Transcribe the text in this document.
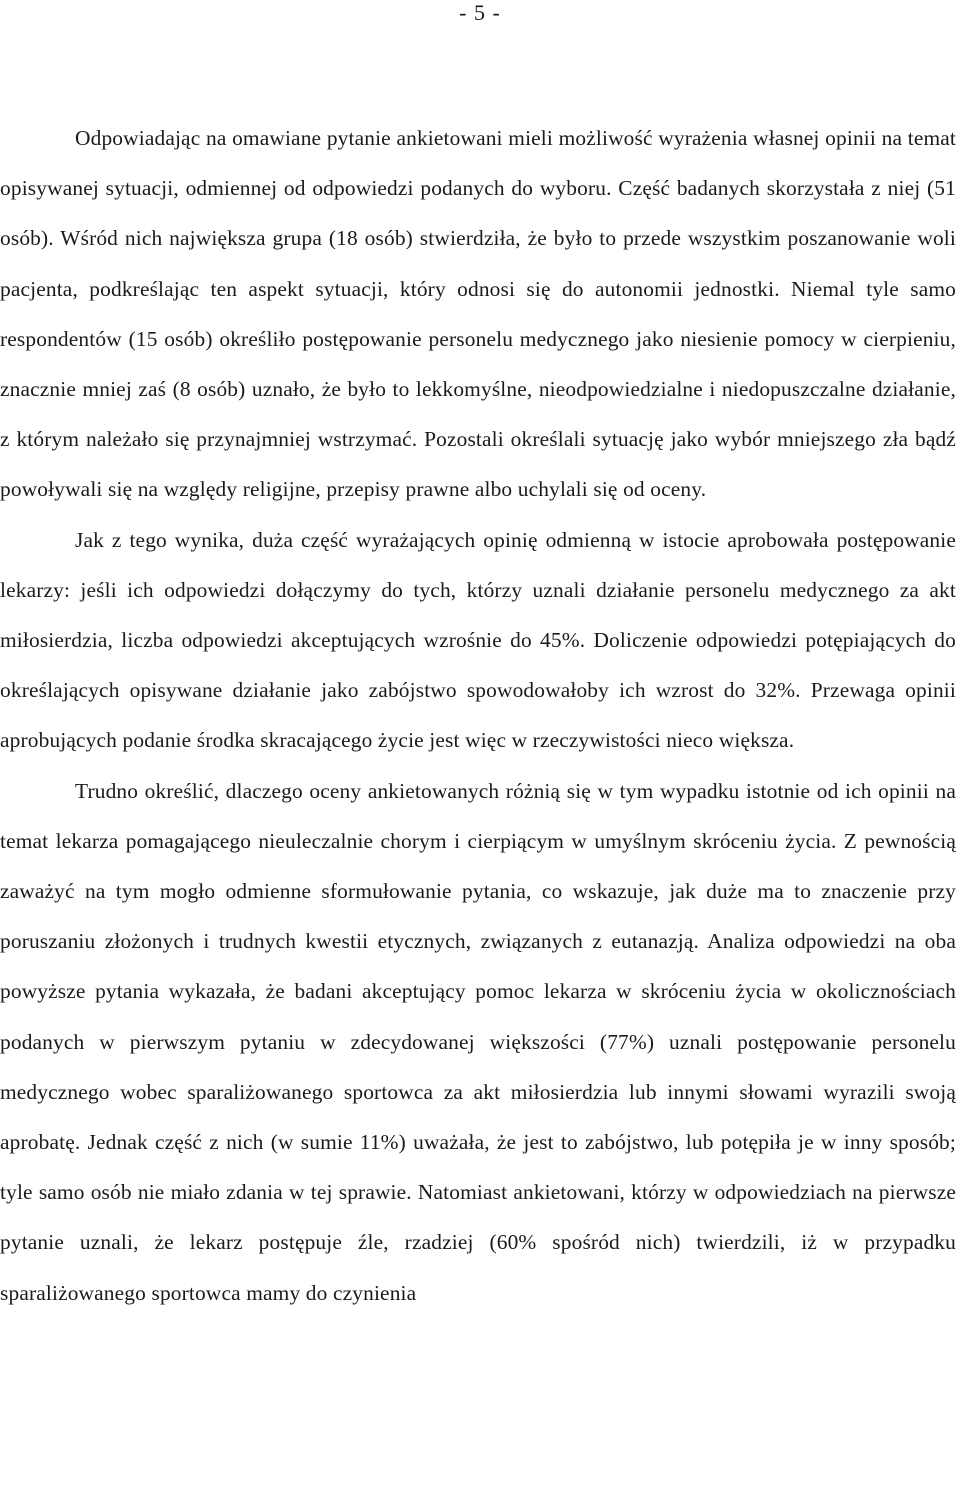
- 5 -

Odpowiadając na omawiane pytanie ankietowani mieli możliwość wyrażenia własnej opinii na temat opisywanej sytuacji, odmiennej od odpowiedzi podanych do wyboru. Część badanych skorzystała z niej (51 osób). Wśród nich największa grupa (18 osób) stwierdziła, że było to przede wszystkim poszanowanie woli pacjenta, podkreślając ten aspekt sytuacji, który odnosi się do autonomii jednostki. Niemal tyle samo respondentów (15 osób) określiło postępowanie personelu medycznego jako niesienie pomocy w cierpieniu, znacznie mniej zaś (8 osób) uznało, że było to lekkomyślne, nieodpowiedzialne i niedopuszczalne działanie, z którym należało się przynajmniej wstrzymać. Pozostali określali sytuację jako wybór mniejszego zła bądź powoływali się na względy religijne, przepisy prawne albo uchylali się od oceny.

Jak z tego wynika, duża część wyrażających opinię odmienną w istocie aprobowała postępowanie lekarzy: jeśli ich odpowiedzi dołączymy do tych, którzy uznali działanie personelu medycznego za akt miłosierdzia, liczba odpowiedzi akceptujących wzrośnie do 45%. Doliczenie odpowiedzi potępiających do określających opisywane działanie jako zabójstwo spowodowałoby ich wzrost do 32%. Przewaga opinii aprobujących podanie środka skracającego życie jest więc w rzeczywistości nieco większa.

Trudno określić, dlaczego oceny ankietowanych różnią się w tym wypadku istotnie od ich opinii na temat lekarza pomagającego nieuleczalnie chorym i cierpiącym w umyślnym skróceniu życia. Z pewnością zaważyć na tym mogło odmienne sformułowanie pytania, co wskazuje, jak duże ma to znaczenie przy poruszaniu złożonych i trudnych kwestii etycznych, związanych z eutanazją. Analiza odpowiedzi na oba powyższe pytania wykazała, że badani akceptujący pomoc lekarza w skróceniu życia w okolicznościach podanych w pierwszym pytaniu w zdecydowanej większości (77%) uznali postępowanie personelu medycznego wobec sparaliżowanego sportowca za akt miłosierdzia lub innymi słowami wyrazili swoją aprobatę. Jednak część z nich (w sumie 11%) uważała, że jest to zabójstwo, lub potępiła je w inny sposób; tyle samo osób nie miało zdania w tej sprawie. Natomiast ankietowani, którzy w odpowiedziach na pierwsze pytanie uznali, że lekarz postępuje źle, rzadziej (60% spośród nich) twierdzili, iż w przypadku sparaliżowanego sportowca mamy do czynienia
